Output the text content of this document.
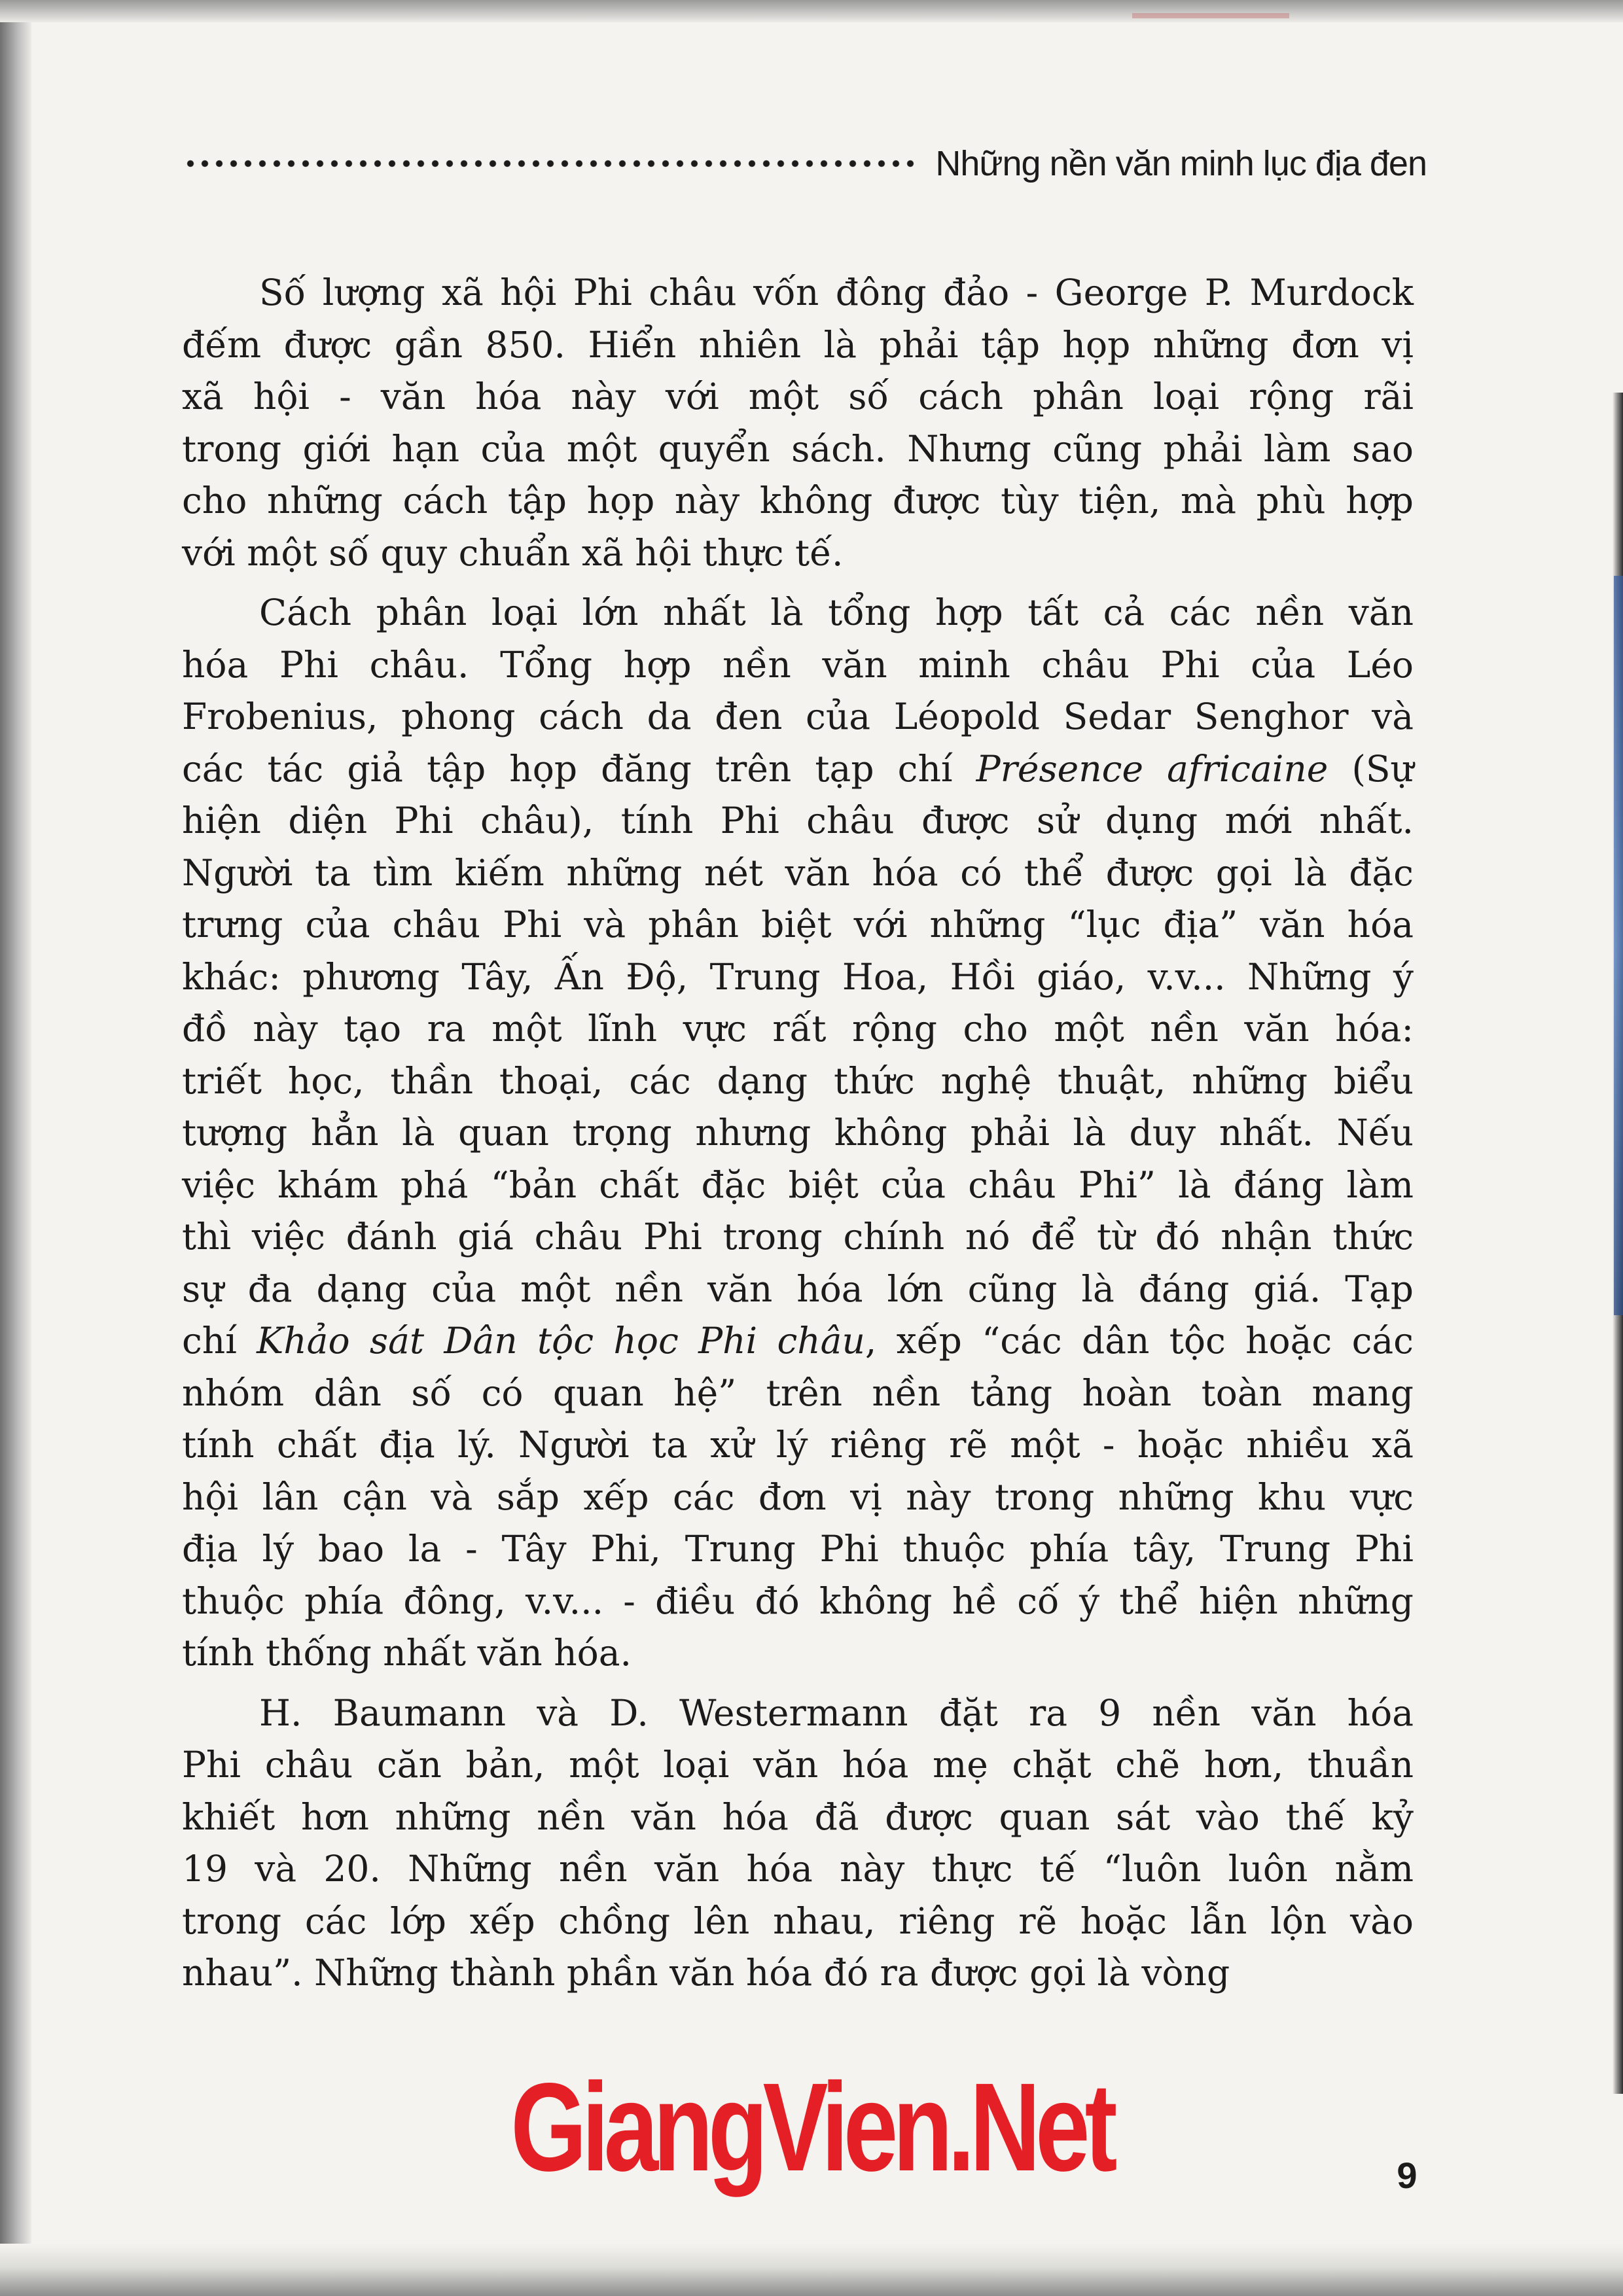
Những nền văn minh lục địa đen
Số lượng xã hội Phi châu vốn đông đảo - George P. Murdock
đếm được gần 850. Hiển nhiên là phải tập họp những đơn vị
xã hội - văn hóa này với một số cách phân loại rộng rãi
trong giới hạn của một quyển sách. Nhưng cũng phải làm sao
cho những cách tập họp này không được tùy tiện, mà phù hợp
với một số quy chuẩn xã hội thực tế.
Cách phân loại lớn nhất là tổng hợp tất cả các nền văn
hóa Phi châu. Tổng hợp nền văn minh châu Phi của Léo
Frobenius, phong cách da đen của Léopold Sedar Senghor và
các tác giả tập họp đăng trên tạp chí Présence africaine (Sự
hiện diện Phi châu), tính Phi châu được sử dụng mới nhất.
Người ta tìm kiếm những nét văn hóa có thể được gọi là đặc
trưng của châu Phi và phân biệt với những “lục địa” văn hóa
khác: phương Tây, Ấn Độ, Trung Hoa, Hồi giáo, v.v... Những ý
đồ này tạo ra một lĩnh vực rất rộng cho một nền văn hóa:
triết học, thần thoại, các dạng thức nghệ thuật, những biểu
tượng hẳn là quan trọng nhưng không phải là duy nhất. Nếu
việc khám phá “bản chất đặc biệt của châu Phi” là đáng làm
thì việc đánh giá châu Phi trong chính nó để từ đó nhận thức
sự đa dạng của một nền văn hóa lớn cũng là đáng giá. Tạp
chí Khảo sát Dân tộc học Phi châu, xếp “các dân tộc hoặc các
nhóm dân số có quan hệ” trên nền tảng hoàn toàn mang
tính chất địa lý. Người ta xử lý riêng rẽ một - hoặc nhiều xã
hội lân cận và sắp xếp các đơn vị này trong những khu vực
địa lý bao la - Tây Phi, Trung Phi thuộc phía tây, Trung Phi
thuộc phía đông, v.v... - điều đó không hề cố ý thể hiện những
tính thống nhất văn hóa.
H. Baumann và D. Westermann đặt ra 9 nền văn hóa
Phi châu căn bản, một loại văn hóa mẹ chặt chẽ hơn, thuần
khiết hơn những nền văn hóa đã được quan sát vào thế kỷ
19 và 20. Những nền văn hóa này thực tế “luôn luôn nằm
trong các lớp xếp chồng lên nhau, riêng rẽ hoặc lẫn lộn vào
nhau”. Những thành phần văn hóa đó ra được gọi là vòng
GiangVien.Net	9
